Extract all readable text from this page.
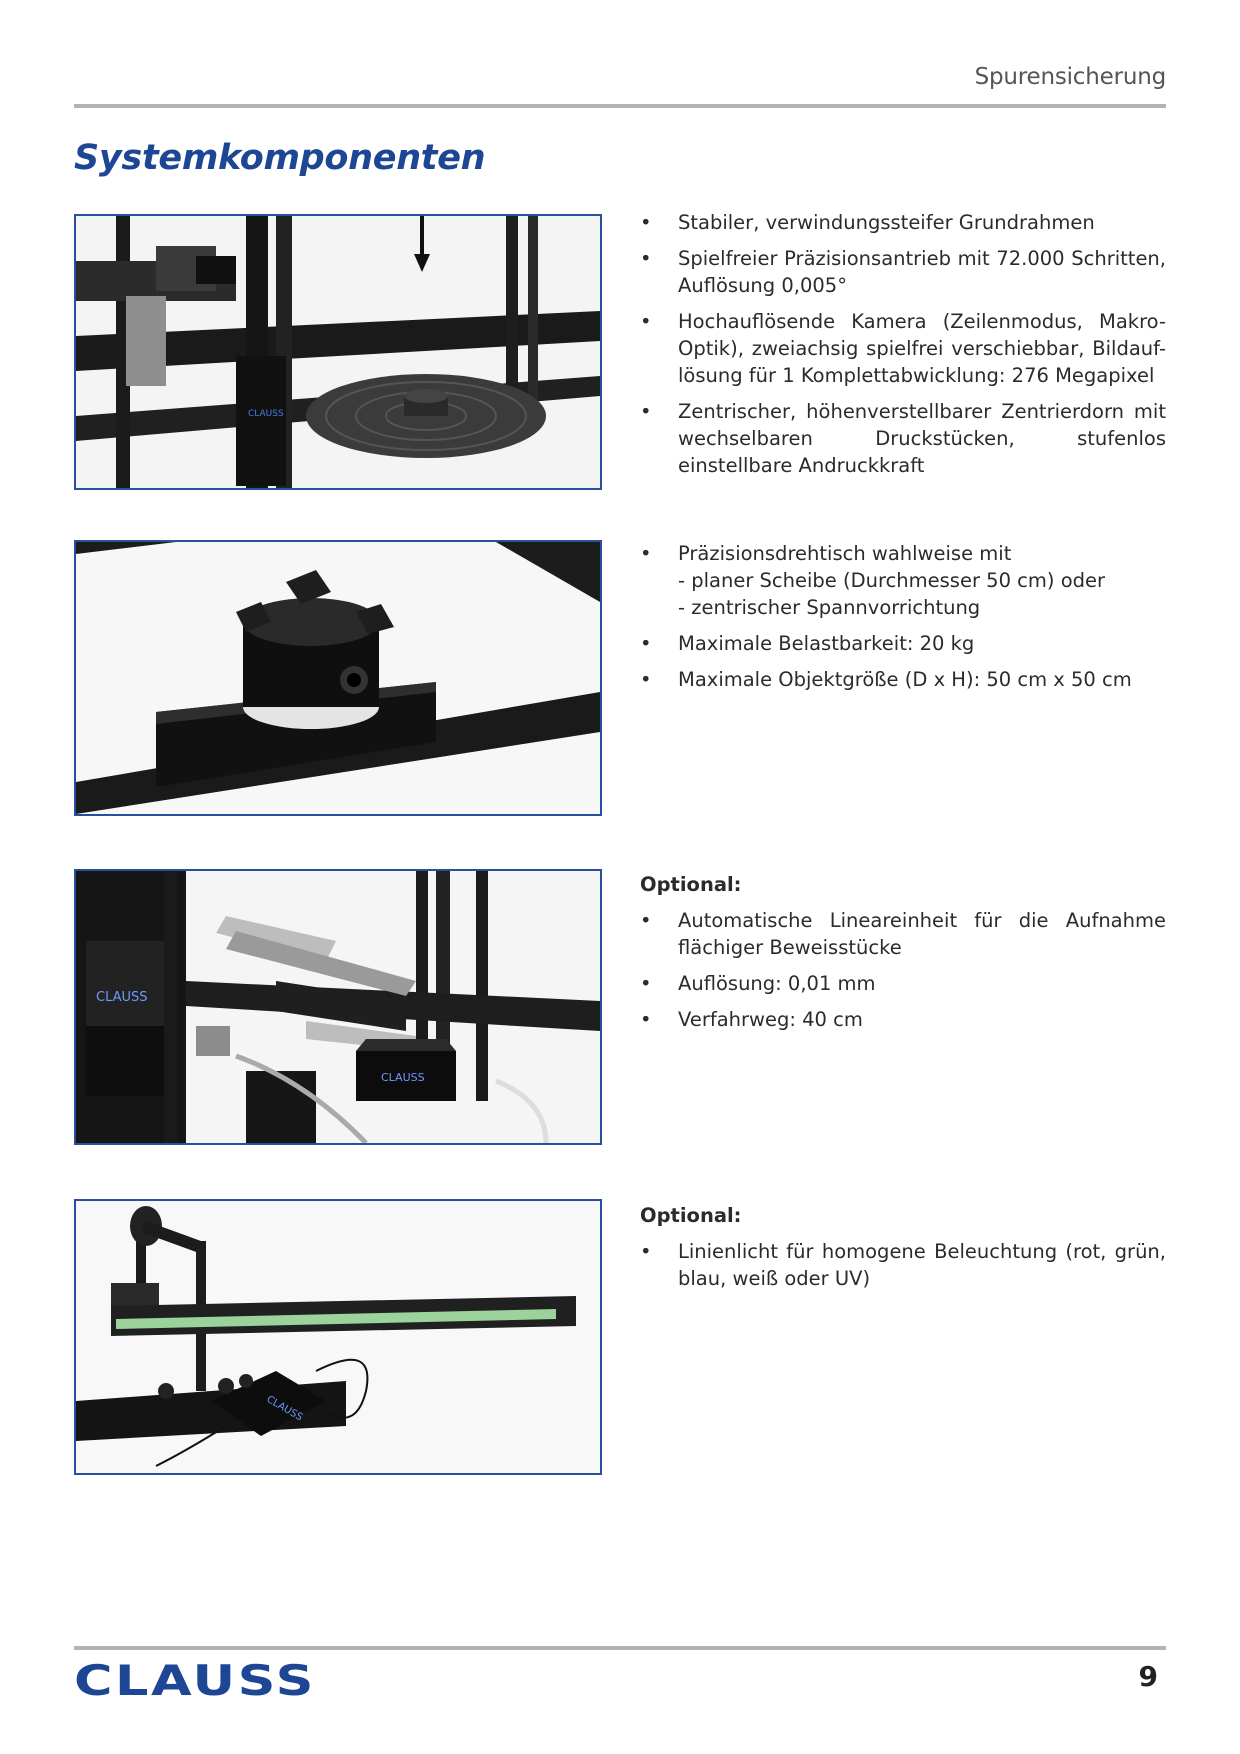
Spurensicherung
Systemkomponenten
CLAUSS
CLAUSS
CLAUSS
CLAUSS
• Stabiler, verwindungssteifer Grundrahmen
• Spielfreier Präzisionsantrieb mit 72.000 Schritten, Auflösung 0,005°
• Hochauflösende Kamera (Zeilenmodus, Makro-Optik), zweiachsig spielfrei verschiebbar, Bildauf-lösung für 1 Komplettabwicklung: 276 Megapixel
• Zentrischer, höhenverstellbarer Zentrierdorn mit wechselbaren Druckstücken, stufenlos einstellbare Andruckkraft
• Präzisionsdrehtisch wahlweise mit
- planer Scheibe (Durchmesser 50 cm) oder
- zentrischer Spannvorrichtung
• Maximale Belastbarkeit: 20 kg
• Maximale Objektgröße (D x H): 50 cm x 50 cm
Optional:
• Automatische Lineareinheit für die Aufnahme flächiger Beweisstücke
• Auflösung: 0,01 mm
• Verfahrweg: 40 cm
Optional:
• Linienlicht für homogene Beleuchtung (rot, grün, blau, weiß oder UV)
CLAUSS	9
